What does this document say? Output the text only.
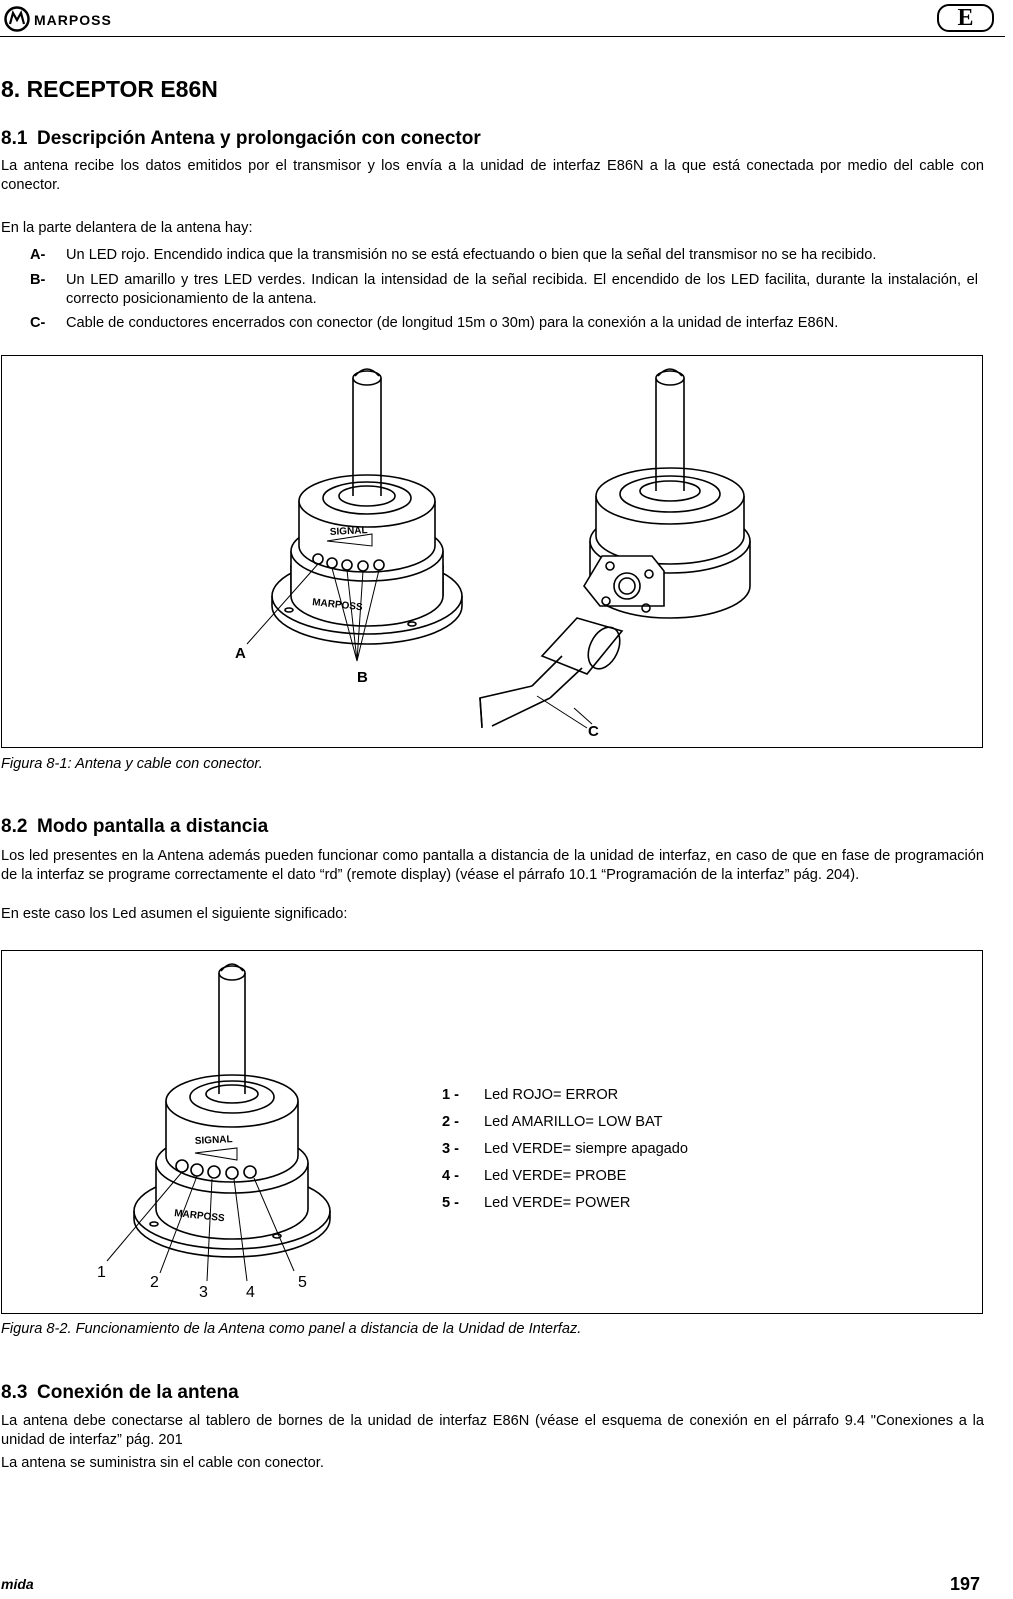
MARPOSS	E
8. RECEPTOR E86N
8.1 Descripción Antena y prolongación con conector

La antena recibe los datos emitidos por el transmisor y los envía a la unidad de interfaz E86N a la que está conectada por medio del cable con conector.

En la parte delantera de la antena hay:

A- Un LED rojo. Encendido indica que la transmisión no se está efectuando o bien que la señal del transmisor no se ha recibido.
B- Un LED amarillo y tres LED verdes. Indican la intensidad de la señal recibida. El encendido de los LED facilita, durante la instalación, el correcto posicionamiento de la antena.
C- Cable de conductores encerrados con conector (de longitud 15m o 30m) para la conexión a la unidad de interfaz E86N.
SIGNAL
MARPOSS
A
B
C
Figura 8-1: Antena y cable con conector.
8.2 Modo pantalla a distancia

Los led presentes en la Antena además pueden funcionar como pantalla a distancia de la unidad de interfaz, en caso de que en fase de programación de la interfaz se programe correctamente el dato “rd” (remote display) (véase el párrafo 10.1 “Programación de la interfaz” pág. 204).

En este caso los Led asumen el siguiente significado:

SIGNAL
MARPOSS
1
2
3 4
5
1 - Led ROJO= ERROR
2 - Led AMARILLO= LOW BAT
3 - Led VERDE= siempre apagado
4 - Led VERDE= PROBE
5 - Led VERDE= POWER
Figura 8-2. Funcionamiento de la Antena como panel a distancia de la Unidad de Interfaz.
8.3 Conexión de la antena

La antena debe conectarse al tablero de bornes de la unidad de interfaz E86N (véase el esquema de conexión en el párrafo 9.4 "Conexiones a la unidad de interfaz” pág. 201

La antena se suministra sin el cable con conector.

mida	197
